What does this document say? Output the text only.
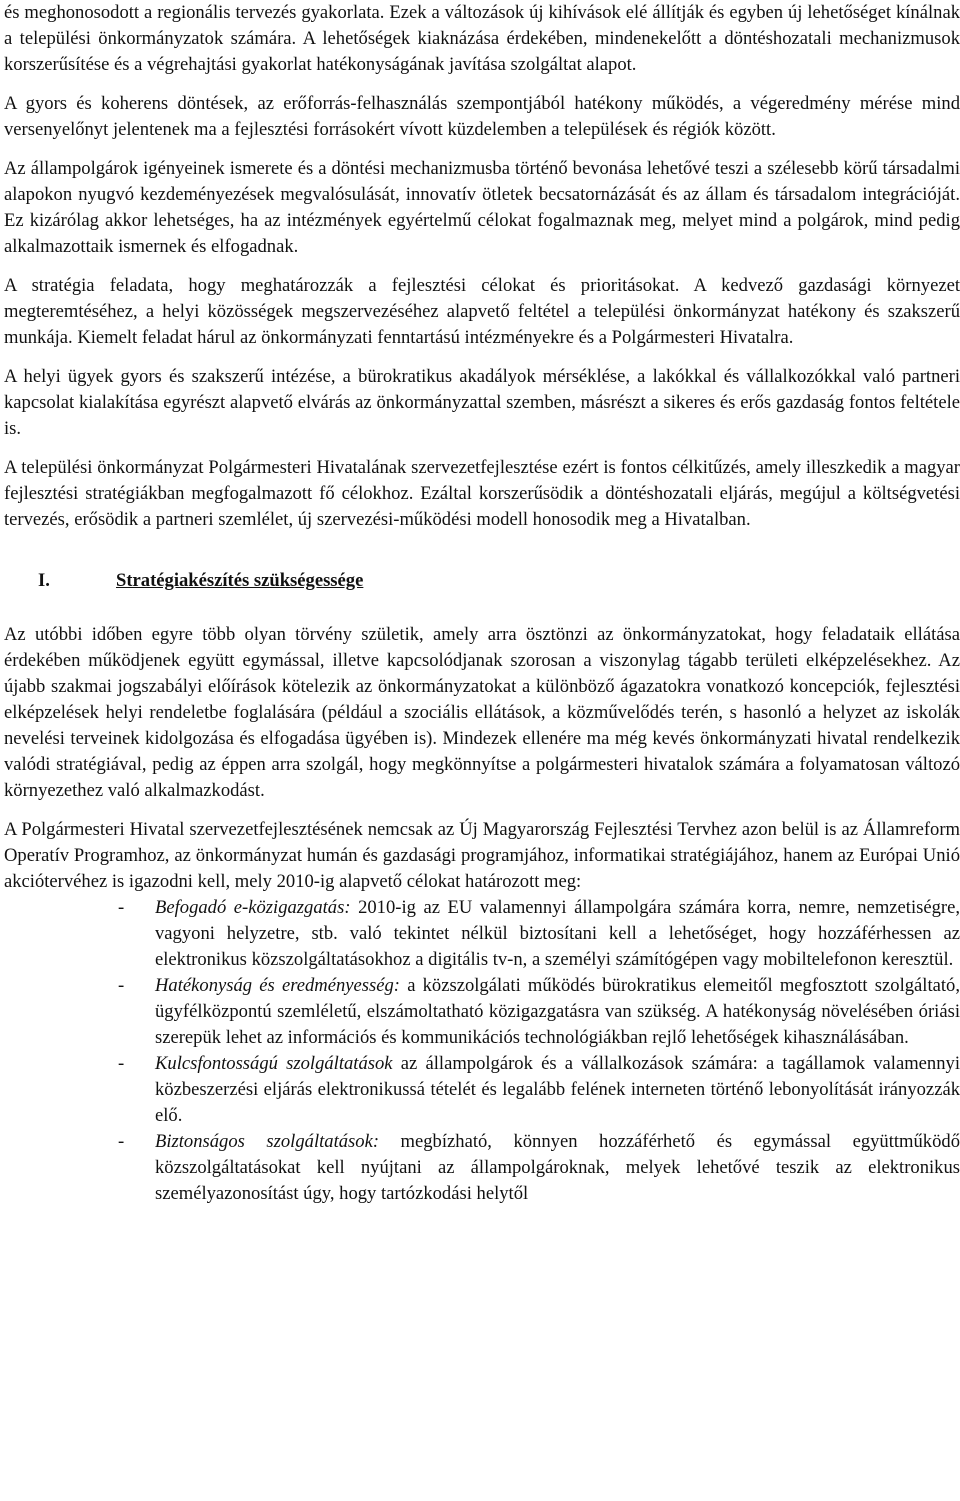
és meghonosodott a regionális tervezés gyakorlata. Ezek a változások új kihívások elé állítják és egyben új lehetőséget kínálnak a települési önkormányzatok számára. A lehetőségek kiaknázása érdekében, mindenekelőtt a döntéshozatali mechanizmusok korszerűsítése és a végrehajtási gyakorlat hatékonyságának javítása szolgáltat alapot.

A gyors és koherens döntések, az erőforrás-felhasználás szempontjából hatékony működés, a végeredmény mérése mind versenyelőnyt jelentenek ma a fejlesztési forrásokért vívott küzdelemben a települések és régiók között.

Az állampolgárok igényeinek ismerete és a döntési mechanizmusba történő bevonása lehetővé teszi a szélesebb körű társadalmi alapokon nyugvó kezdeményezések megvalósulását, innovatív ötletek becsatornázását és az állam és társadalom integrációját. Ez kizárólag akkor lehetséges, ha az intézmények egyértelmű célokat fogalmaznak meg, melyet mind a polgárok, mind pedig alkalmazottaik ismernek és elfogadnak.

A stratégia feladata, hogy meghatározzák a fejlesztési célokat és prioritásokat. A kedvező gazdasági környezet megteremtéséhez, a helyi közösségek megszervezéséhez alapvető feltétel a települési önkormányzat hatékony és szakszerű munkája. Kiemelt feladat hárul az önkormányzati fenntartású intézményekre és a Polgármesteri Hivatalra.

A helyi ügyek gyors és szakszerű intézése, a bürokratikus akadályok mérséklése, a lakókkal és vállalkozókkal való partneri kapcsolat kialakítása egyrészt alapvető elvárás az önkormányzattal szemben, másrészt a sikeres és erős gazdaság fontos feltétele is.

A települési önkormányzat Polgármesteri Hivatalának szervezetfejlesztése ezért is fontos célkitűzés, amely illeszkedik a magyar fejlesztési stratégiákban megfogalmazott fő célokhoz. Ezáltal korszerűsödik a döntéshozatali eljárás, megújul a költségvetési tervezés, erősödik a partneri szemlélet, új szervezési-működési modell honosodik meg a Hivatalban.

I.	Stratégiakészítés szükségessége

Az utóbbi időben egyre több olyan törvény születik, amely arra ösztönzi az önkormányzatokat, hogy feladataik ellátása érdekében működjenek együtt egymással, illetve kapcsolódjanak szorosan a viszonylag tágabb területi elképzelésekhez. Az újabb szakmai jogszabályi előírások kötelezik az önkormányzatokat a különböző ágazatokra vonatkozó koncepciók, fejlesztési elképzelések helyi rendeletbe foglalására (például a szociális ellátások, a közművelődés terén, s hasonló a helyzet az iskolák nevelési terveinek kidolgozása és elfogadása ügyében is). Mindezek ellenére ma még kevés önkormányzati hivatal rendelkezik valódi stratégiával, pedig az éppen arra szolgál, hogy megkönnyítse a polgármesteri hivatalok számára a folyamatosan változó környezethez való alkalmazkodást.

A Polgármesteri Hivatal szervezetfejlesztésének nemcsak az Új Magyarország Fejlesztési Tervhez azon belül is az Államreform Operatív Programhoz, az önkormányzat humán és gazdasági programjához, informatikai stratégiájához, hanem az Európai Unió akciótervéhez is igazodni kell, mely 2010-ig alapvető célokat határozott meg:

- Befogadó e-közigazgatás: 2010-ig az EU valamennyi állampolgára számára korra, nemre, nemzetiségre, vagyoni helyzetre, stb. való tekintet nélkül biztosítani kell a lehetőséget, hogy hozzáférhessen az elektronikus közszolgáltatásokhoz a digitális tv-n, a személyi számítógépen vagy mobiltelefonon keresztül.
- Hatékonyság és eredményesség: a közszolgálati működés bürokratikus elemeitől megfosztott szolgáltató, ügyfélközpontú szemléletű, elszámoltatható közigazgatásra van szükség. A hatékonyság növelésében óriási szerepük lehet az információs és kommunikációs technológiákban rejlő lehetőségek kihasználásában.
- Kulcsfontosságú szolgáltatások az állampolgárok és a vállalkozások számára: a tagállamok valamennyi közbeszerzési eljárás elektronikussá tételét és legalább felének interneten történő lebonyolítását irányozzák elő.
- Biztonságos szolgáltatások: megbízható, könnyen hozzáférhető és egymással együttműködő közszolgáltatásokat kell nyújtani az állampolgároknak, melyek lehetővé teszik az elektronikus személyazonosítást úgy, hogy tartózkodási helytől
